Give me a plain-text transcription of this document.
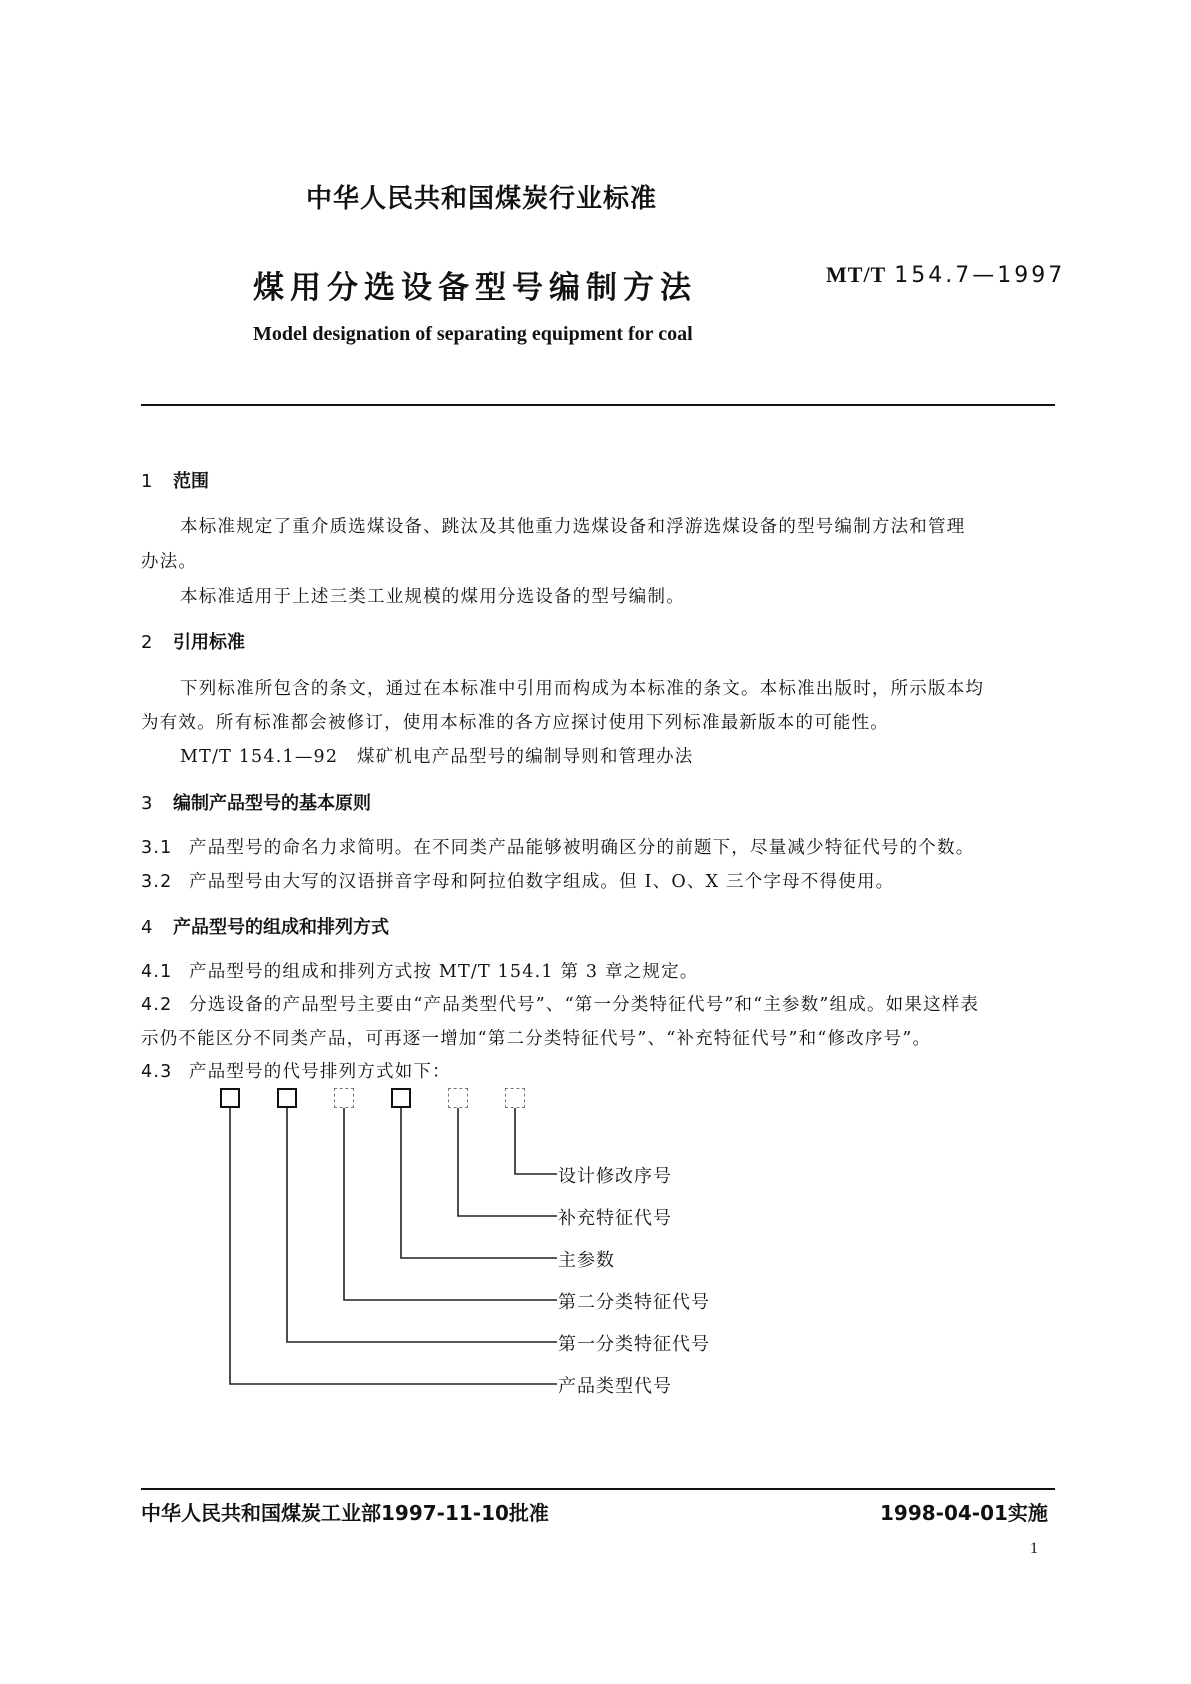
中华人民共和国煤炭行业标准
煤用分选设备型号编制方法	MT/T 154.7—1997
Model designation of separating equipment for coal
1 范围
本标准规定了重介质选煤设备、跳汰及其他重力选煤设备和浮游选煤设备的型号编制方法和管理
办法。
本标准适用于上述三类工业规模的煤用分选设备的型号编制。
2 引用标准
下列标准所包含的条文，通过在本标准中引用而构成为本标准的条文。本标准出版时，所示版本均
为有效。所有标准都会被修订，使用本标准的各方应探讨使用下列标准最新版本的可能性。
MT/T 154.1—92　煤矿机电产品型号的编制导则和管理办法
3 编制产品型号的基本原则
3.1 产品型号的命名力求简明。在不同类产品能够被明确区分的前题下，尽量减少特征代号的个数。
3.2 产品型号由大写的汉语拼音字母和阿拉伯数字组成。但 I、O、X 三个字母不得使用。
4 产品型号的组成和排列方式
4.1 产品型号的组成和排列方式按 MT/T 154.1 第 3 章之规定。
4.2 分选设备的产品型号主要由“产品类型代号”、“第一分类特征代号”和“主参数”组成。如果这样表
示仍不能区分不同类产品，可再逐一增加“第二分类特征代号”、“补充特征代号”和“修改序号”。
4.3 产品型号的代号排列方式如下：
设计修改序号
补充特征代号
主参数
第二分类特征代号
第一分类特征代号
产品类型代号
中华人民共和国煤炭工业部1997-11-10批准	1998-04-01实施
1
